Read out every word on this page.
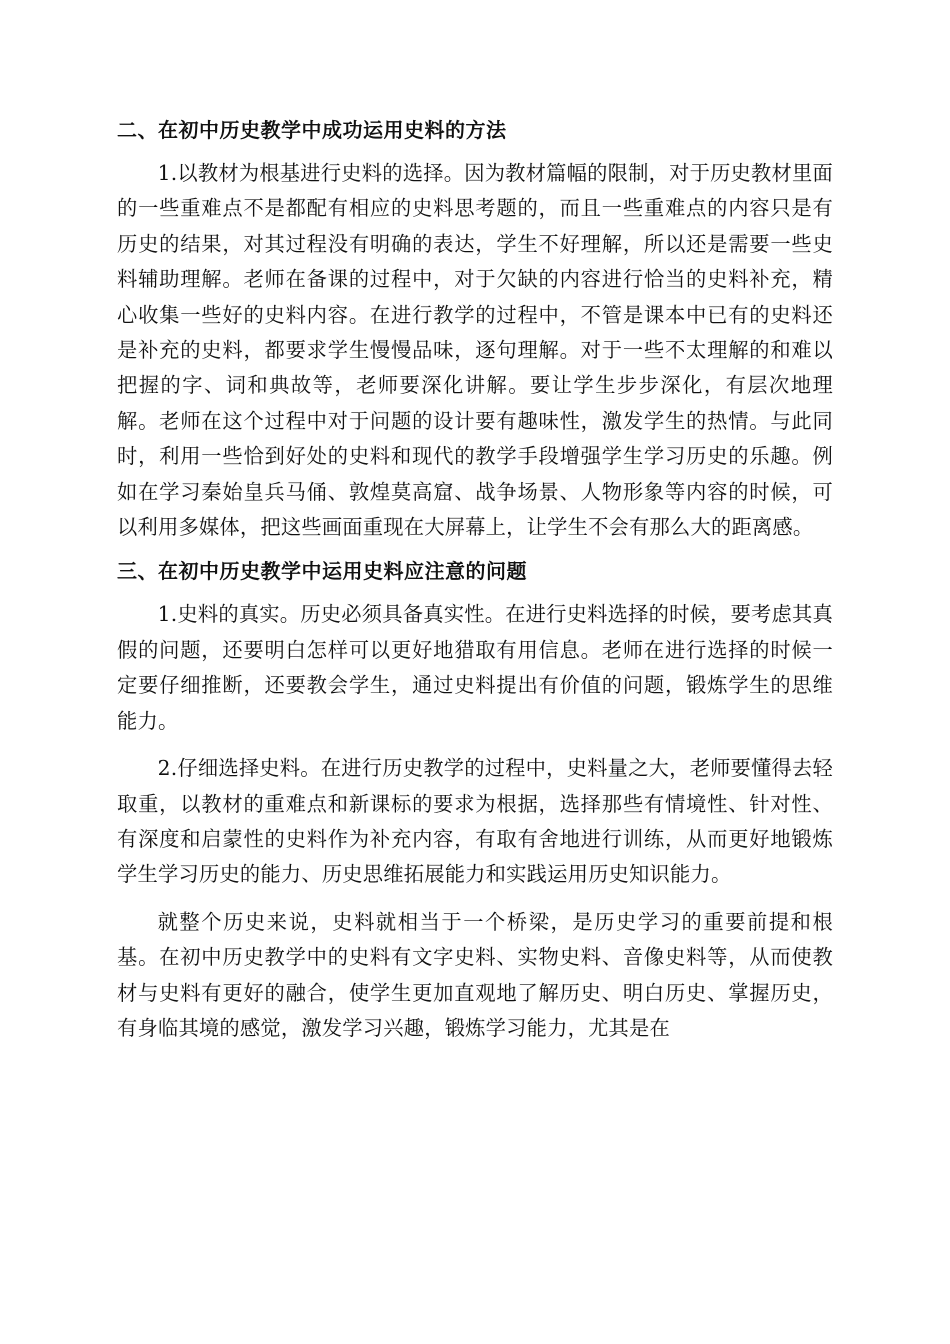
二、在初中历史教学中成功运用史料的方法

1.以教材为根基进行史料的选择。因为教材篇幅的限制，对于历史教材里面的一些重难点不是都配有相应的史料思考题的，而且一些重难点的内容只是有历史的结果，对其过程没有明确的表达，学生不好理解，所以还是需要一些史料辅助理解。老师在备课的过程中，对于欠缺的内容进行恰当的史料补充，精心收集一些好的史料内容。在进行教学的过程中，不管是课本中已有的史料还是补充的史料，都要求学生慢慢品味，逐句理解。对于一些不太理解的和难以把握的字、词和典故等，老师要深化讲解。要让学生步步深化，有层次地理解。老师在这个过程中对于问题的设计要有趣味性，激发学生的热情。与此同时，利用一些恰到好处的史料和现代的教学手段增强学生学习历史的乐趣。例如在学习秦始皇兵马俑、敦煌莫高窟、战争场景、人物形象等内容的时候，可以利用多媒体，把这些画面重现在大屏幕上，让学生不会有那么大的距离感。

三、在初中历史教学中运用史料应注意的问题

1.史料的真实。历史必须具备真实性。在进行史料选择的时候，要考虑其真假的问题，还要明白怎样可以更好地猎取有用信息。老师在进行选择的时候一定要仔细推断，还要教会学生，通过史料提出有价值的问题，锻炼学生的思维能力。

2.仔细选择史料。在进行历史教学的过程中，史料量之大，老师要懂得去轻取重，以教材的重难点和新课标的要求为根据，选择那些有情境性、针对性、有深度和启蒙性的史料作为补充内容，有取有舍地进行训练，从而更好地锻炼学生学习历史的能力、历史思维拓展能力和实践运用历史知识能力。

就整个历史来说，史料就相当于一个桥梁，是历史学习的重要前提和根基。在初中历史教学中的史料有文字史料、实物史料、音像史料等，从而使教材与史料有更好的融合，使学生更加直观地了解历史、明白历史、掌握历史，有身临其境的感觉，激发学习兴趣，锻炼学习能力，尤其是在
